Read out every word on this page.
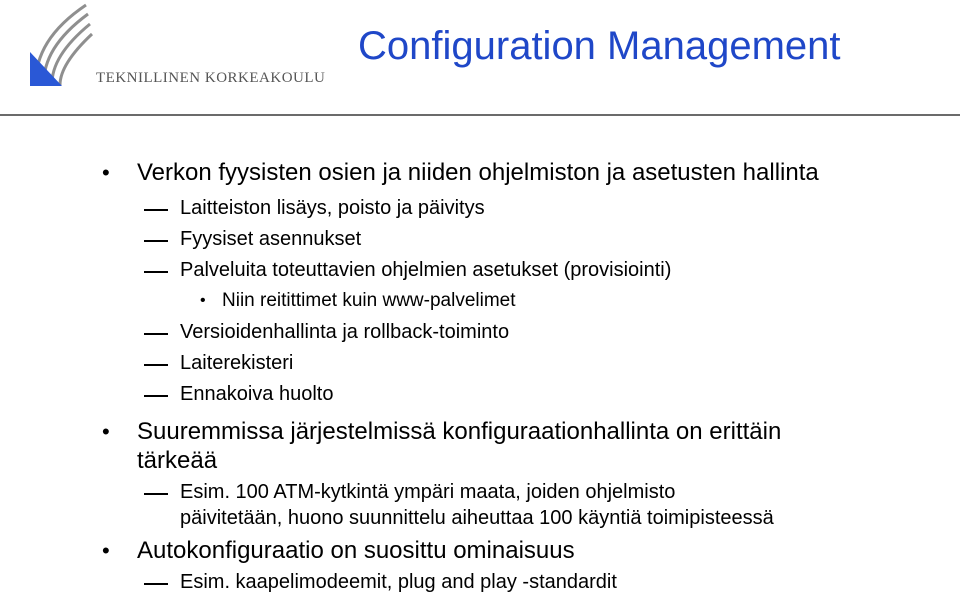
TEKNILLINEN KORKEAKOULU
Configuration Management
• Verkon fyysisten osien ja niiden ohjelmiston ja asetusten hallinta
Laitteiston lisäys, poisto ja päivitys
Fyysiset asennukset
Palveluita toteuttavien ohjelmien asetukset (provisiointi)
• Niin reitittimet kuin www-palvelimet
Versioidenhallinta ja rollback-toiminto
Laiterekisteri
Ennakoiva huolto
• Suuremmissa järjestelmissä konfiguraationhallinta on erittäin
tärkeää
Esim. 100 ATM-kytkintä ympäri maata, joiden ohjelmisto
päivitetään, huono suunnittelu aiheuttaa 100 käyntiä toimipisteessä
• Autokonfiguraatio on suosittu ominaisuus
Esim. kaapelimodeemit, plug and play -standardit
